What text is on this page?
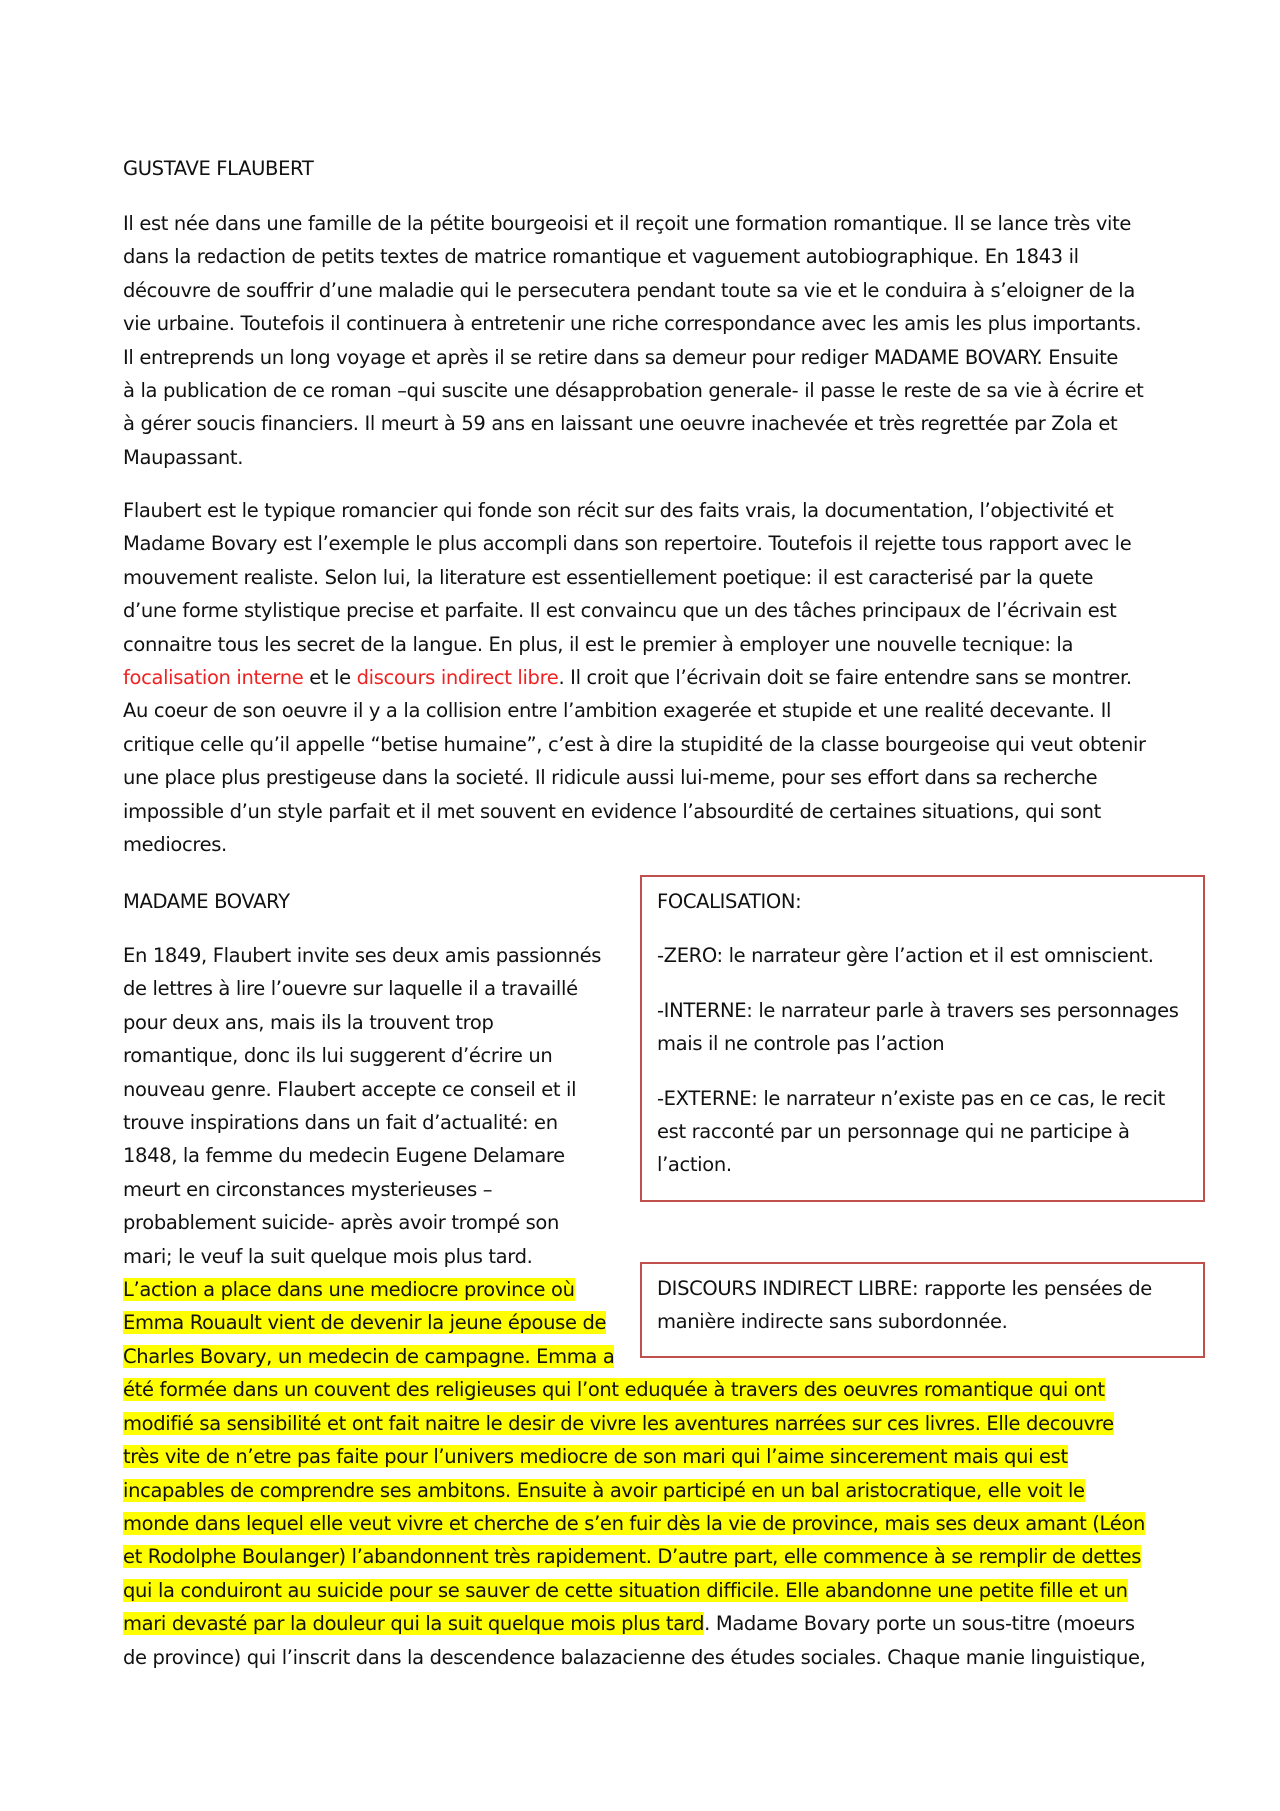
GUSTAVE FLAUBERT

Il est née dans une famille de la pétite bourgeoisi et il reçoit une formation romantique. Il se lance très vite
dans la redaction de petits textes de matrice romantique et vaguement autobiographique. En 1843 il
découvre de souffrir d’une maladie qui le persecutera pendant toute sa vie et le conduira à s’eloigner de la
vie urbaine. Toutefois il continuera à entretenir une riche correspondance avec les amis les plus importants.
Il entreprends un long voyage et après il se retire dans sa demeur pour rediger MADAME BOVARY. Ensuite
à la publication de ce roman –qui suscite une désapprobation generale- il passe le reste de sa vie à écrire et
à gérer soucis financiers. Il meurt à 59 ans en laissant une oeuvre inachevée et très regrettée par Zola et
Maupassant.

Flaubert est le typique romancier qui fonde son récit sur des faits vrais, la documentation, l’objectivité et
Madame Bovary est l’exemple le plus accompli dans son repertoire. Toutefois il rejette tous rapport avec le
mouvement realiste. Selon lui, la literature est essentiellement poetique: il est caracterisé par la quete
d’une forme stylistique precise et parfaite. Il est convaincu que un des tâches principaux de l’écrivain est
connaitre tous les secret de la langue. En plus, il est le premier à employer une nouvelle tecnique: la
focalisation interne et le discours indirect libre. Il croit que l’écrivain doit se faire entendre sans se montrer.
Au coeur de son oeuvre il y a la collision entre l’ambition exagerée et stupide et une realité decevante. Il
critique celle qu’il appelle “betise humaine”, c’est à dire la stupidité de la classe bourgeoise qui veut obtenir
une place plus prestigeuse dans la societé. Il ridicule aussi lui-meme, pour ses effort dans sa recherche
impossible d’un style parfait et il met souvent en evidence l’absourdité de certaines situations, qui sont
mediocres.

MADAME BOVARY

En 1849, Flaubert invite ses deux amis passionnés
de lettres à lire l’ouevre sur laquelle il a travaillé
pour deux ans, mais ils la trouvent trop
romantique, donc ils lui suggerent d’écrire un
nouveau genre. Flaubert accepte ce conseil et il
trouve inspirations dans un fait d’actualité: en
1848, la femme du medecin Eugene Delamare
meurt en circonstances mysterieuses –
probablement suicide- après avoir trompé son
mari; le veuf la suit quelque mois plus tard.
L’action a place dans une mediocre province où
Emma Rouault vient de devenir la jeune épouse de
Charles Bovary, un medecin de campagne. Emma a
été formée dans un couvent des religieuses qui l’ont eduquée à travers des oeuvres romantique qui ont
modifié sa sensibilité et ont fait naitre le desir de vivre les aventures narrées sur ces livres. Elle decouvre
très vite de n’etre pas faite pour l’univers mediocre de son mari qui l’aime sincerement mais qui est
incapables de comprendre ses ambitons. Ensuite à avoir participé en un bal aristocratique, elle voit le
monde dans lequel elle veut vivre et cherche de s’en fuir dès la vie de province, mais ses deux amant (Léon
et Rodolphe Boulanger) l’abandonnent très rapidement. D’autre part, elle commence à se remplir de dettes
qui la conduiront au suicide pour se sauver de cette situation difficile. Elle abandonne une petite fille et un
mari devasté par la douleur qui la suit quelque mois plus tard. Madame Bovary porte un sous-titre (moeurs
de province) qui l’inscrit dans la descendence balazacienne des études sociales. Chaque manie linguistique,

FOCALISATION:

-ZERO: le narrateur gère l’action et il est omniscient.

-INTERNE: le narrateur parle à travers ses personnages
mais il ne controle pas l’action

-EXTERNE: le narrateur n’existe pas en ce cas, le recit
est racconté par un personnage qui ne participe à
l’action.

DISCOURS INDIRECT LIBRE: rapporte les pensées de
manière indirecte sans subordonnée.
